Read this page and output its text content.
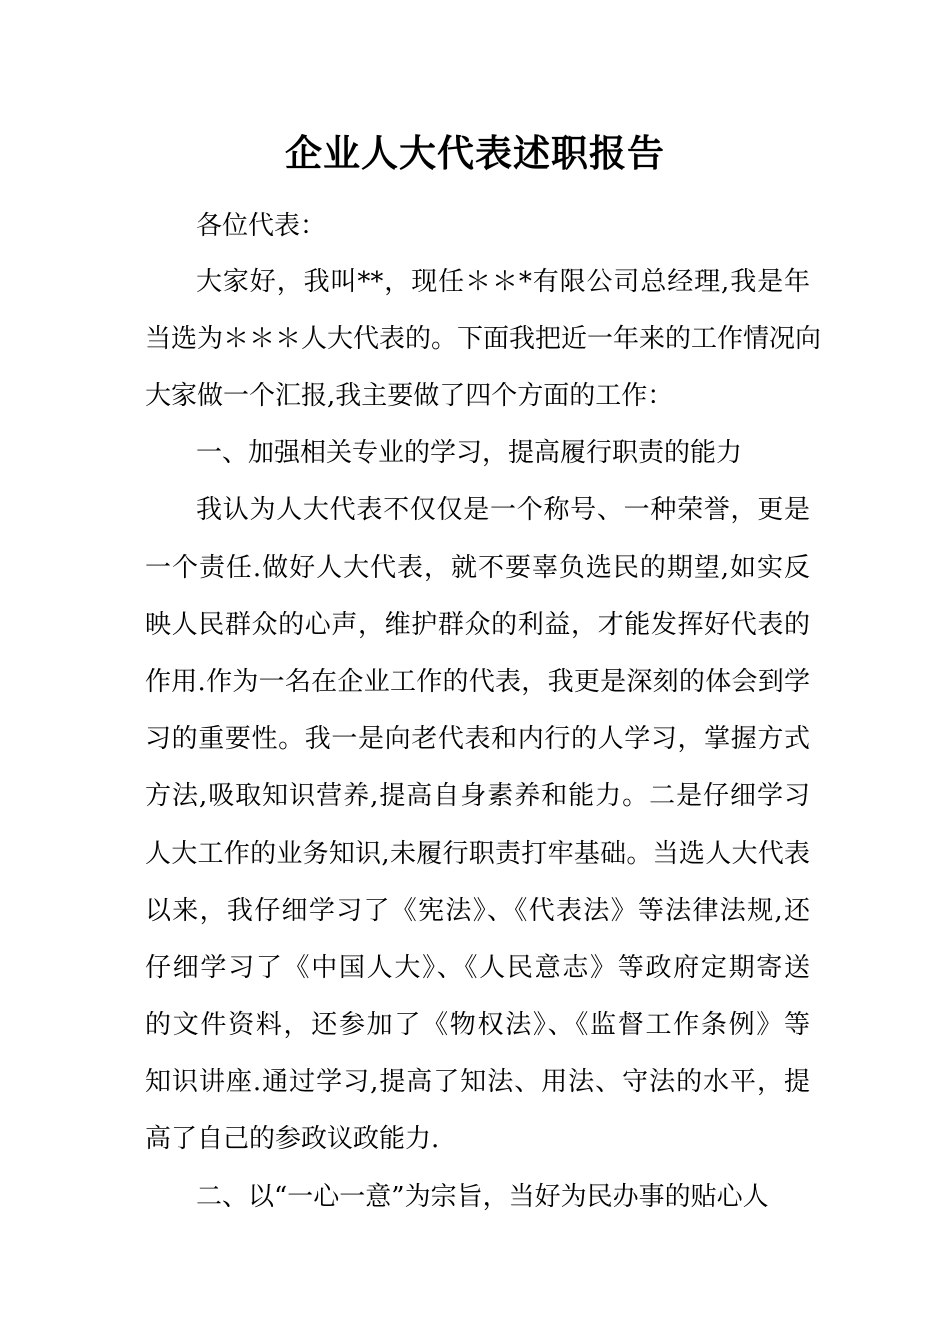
企业人大代表述职报告
各位代表：
大家好，我叫**，现任＊＊*有限公司总经理,我是年
当选为＊＊＊人大代表的。下面我把近一年来的工作情况向
大家做一个汇报,我主要做了四个方面的工作：
一、加强相关专业的学习，提高履行职责的能力
我认为人大代表不仅仅是一个称号、一种荣誉，更是
一个责任.做好人大代表，就不要辜负选民的期望,如实反
映人民群众的心声，维护群众的利益，才能发挥好代表的
作用.作为一名在企业工作的代表，我更是深刻的体会到学
习的重要性。我一是向老代表和内行的人学习，掌握方式
方法,吸取知识营养,提高自身素养和能力。二是仔细学习
人大工作的业务知识,未履行职责打牢基础。当选人大代表
以来，我仔细学习了《宪法》、《代表法》等法律法规,还
仔细学习了《中国人大》、《人民意志》等政府定期寄送
的文件资料，还参加了《物权法》、《监督工作条例》等
知识讲座.通过学习,提高了知法、用法、守法的水平，提
高了自己的参政议政能力.
二、以“一心一意”为宗旨，当好为民办事的贴心人
